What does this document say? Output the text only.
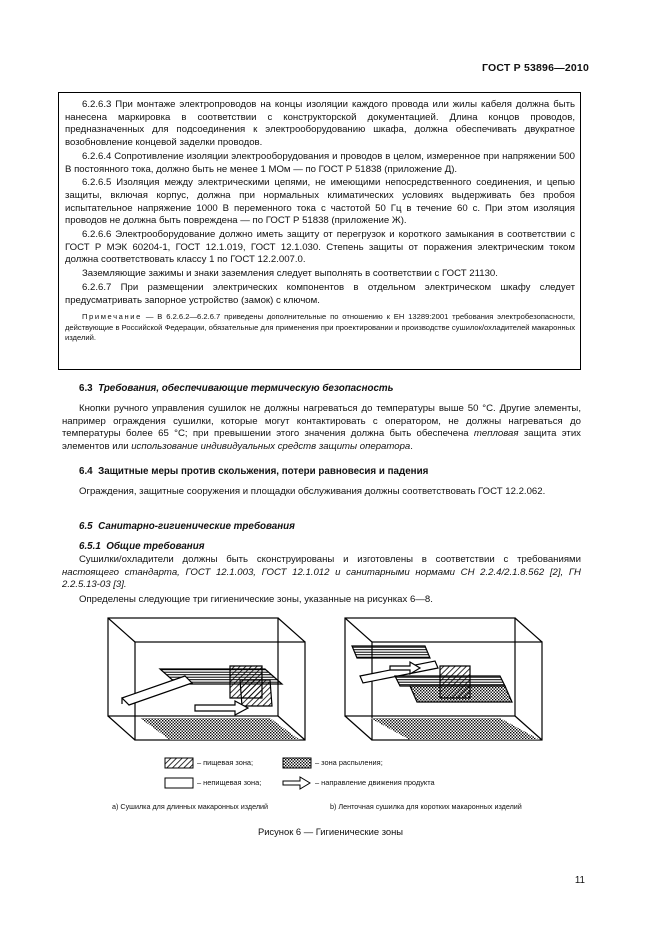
ГОСТ Р 53896—2010

6.2.6.3 При монтаже электропроводов на концы изоляции каждого провода или жилы кабеля должна быть нанесена маркировка в соответствии с конструкторской документацией. Длина концов проводов, предназначенных для подсоединения к электрооборудованию шкафа, должна обеспечивать двукратное возобновление концевой заделки проводов.

6.2.6.4 Сопротивление изоляции электрооборудования и проводов в целом, измеренное при напряжении 500 В постоянного тока, должно быть не менее 1 МОм — по ГОСТ Р 51838 (приложение Д).

6.2.6.5 Изоляция между электрическими цепями, не имеющими непосредственного соединения, и цепью защиты, включая корпус, должна при нормальных климатических условиях выдерживать без пробоя испытательное напряжение 1000 В переменного тока с частотой 50 Гц в течение 60 с. При этом изоляция проводов не должна быть повреждена — по ГОСТ Р 51838 (приложение Ж).

6.2.6.6 Электрооборудование должно иметь защиту от перегрузок и короткого замыкания в соответствии с ГОСТ Р МЭК 60204-1, ГОСТ 12.1.019, ГОСТ 12.1.030. Степень защиты от поражения электрическим током должна соответствовать классу 1 по ГОСТ 12.2.007.0.

Заземляющие зажимы и знаки заземления следует выполнять в соответствии с ГОСТ 21130.

6.2.6.7 При размещении электрических компонентов в отдельном электрическом шкафу следует предусматривать запорное устройство (замок) с ключом.

Примечание — В 6.2.6.2—6.2.6.7 приведены дополнительные по отношению к ЕН 13289:2001 требования электробезопасности, действующие в Российской Федерации, обязательные для применения при проектировании и производстве сушилок/охладителей макаронных изделий.

6.3 Требования, обеспечивающие термическую безопасность

Кнопки ручного управления сушилок не должны нагреваться до температуры выше 50 °С. Другие элементы, например ограждения сушилки, которые могут контактировать с оператором, не должны нагреваться до температуры более 65 °С; при превышении этого значения должна быть обеспечена тепловая защита этих элементов или использование индивидуальных средств защиты оператора.

6.4 Защитные меры против скольжения, потери равновесия и падения

Ограждения, защитные сооружения и площадки обслуживания должны соответствовать ГОСТ 12.2.062.

6.5 Санитарно-гигиенические требования

6.5.1 Общие требования

Сушилки/охладители должны быть сконструированы и изготовлены в соответствии с требованиями настоящего стандарта, ГОСТ 12.1.003, ГОСТ 12.1.012 и санитарными нормами СН 2.2.4/2.1.8.562 [2], ГН 2.2.5.13-03 [3].

Определены следующие три гигиенические зоны, указанные на рисунках 6—8.

– пищевая зона;	– зона распыления;
– непищевая зона;	– направление движения продукта
а) Сушилка для длинных макаронных изделий	b) Ленточная сушилка для коротких макаронных изделий
Рисунок 6 — Гигиенические зоны
11
